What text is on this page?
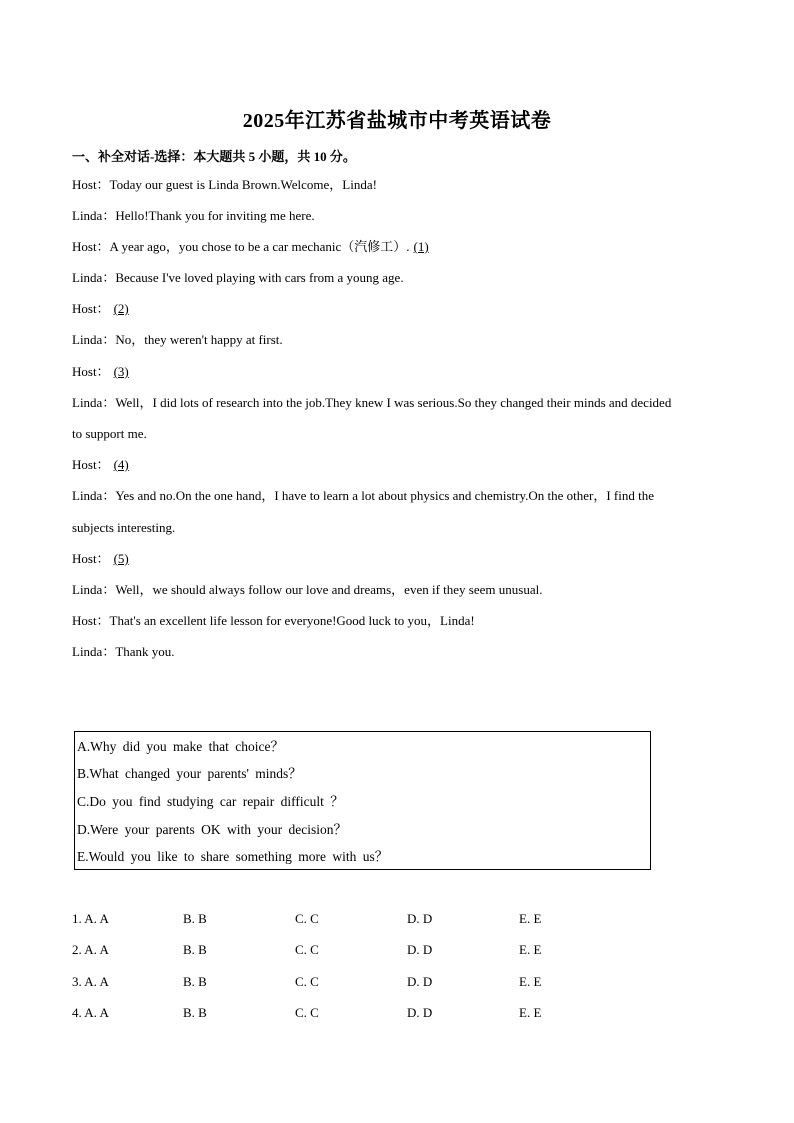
2025年江苏省盐城市中考英语试卷
一、补全对话-选择：本大题共 5 小题，共 10 分。
Host：Today our guest is Linda Brown.Welcome，Linda!
Linda：Hello!Thank you for inviting me here.
Host：A year ago，you chose to be a car mechanic（汽修工）. (1)
Linda：Because I've loved playing with cars from a young age.
Host： (2)
Linda：No，they weren't happy at first.
Host： (3)
Linda：Well，I did lots of research into the job.They knew I was serious.So they changed their minds and decided
to support me.
Host： (4)
Linda：Yes and no.On the one hand，I have to learn a lot about physics and chemistry.On the other，I find the
subjects interesting.
Host： (5)
Linda：Well，we should always follow our love and dreams，even if they seem unusual.
Host：That's an excellent life lesson for everyone!Good luck to you，Linda!
Linda：Thank you.
A.Why did you make that choice？
B.What changed your parents' minds？
C.Do you find studying car repair difficult ？
D.Were your parents OK with your decision？
E.Would you like to share something more with us？
1. A. A	B. B	C. C	D. D	E. E
2. A. A	B. B	C. C	D. D	E. E
3. A. A	B. B	C. C	D. D	E. E
4. A. A	B. B	C. C	D. D	E. E
